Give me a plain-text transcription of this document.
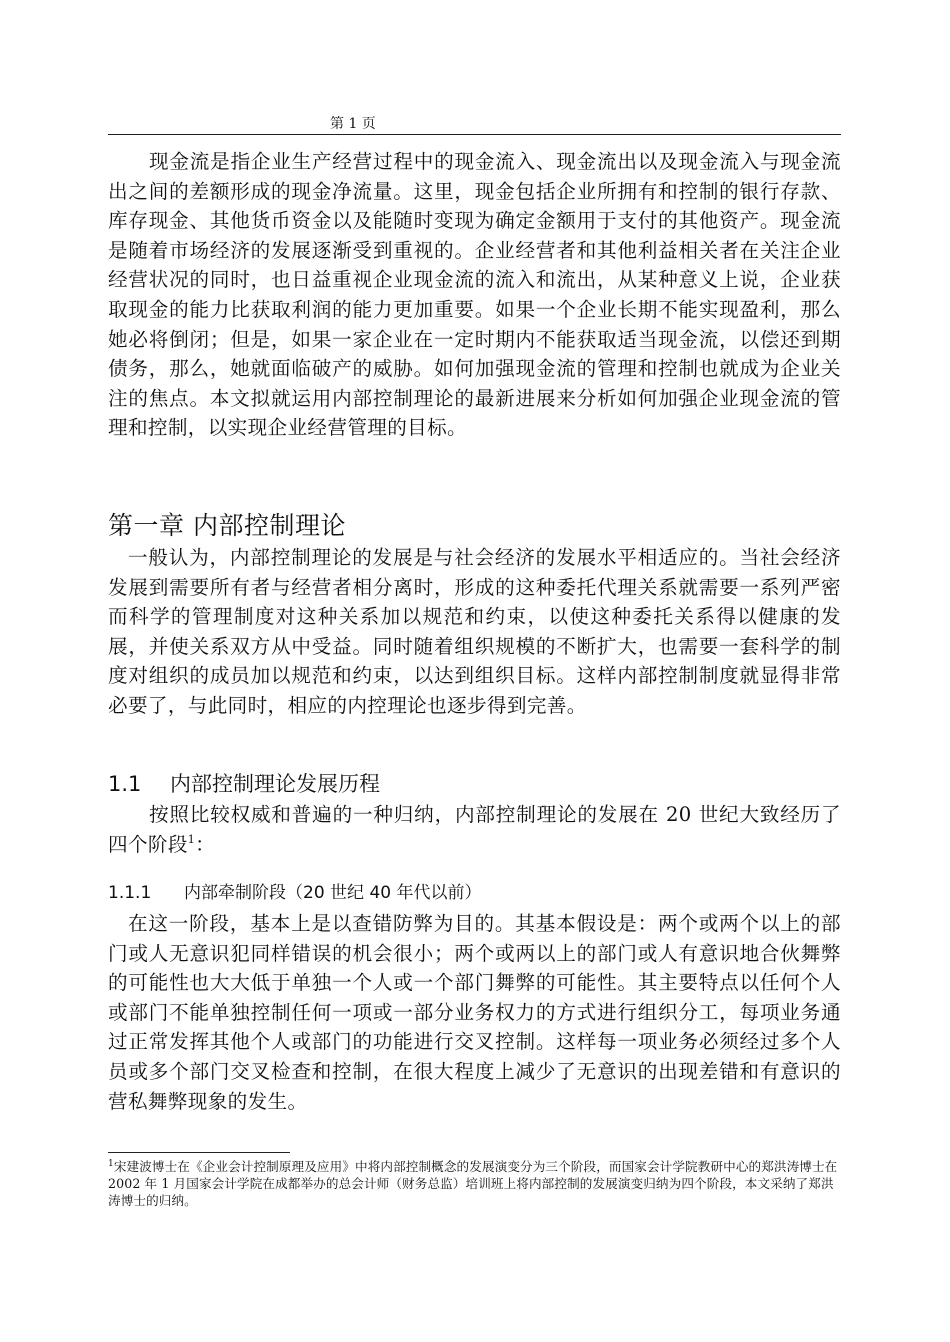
第 1 页

现金流是指企业生产经营过程中的现金流入、现金流出以及现金流入与现金流出之间的差额形成的现金净流量。这里，现金包括企业所拥有和控制的银行存款、库存现金、其他货币资金以及能随时变现为确定金额用于支付的其他资产。现金流是随着市场经济的发展逐渐受到重视的。企业经营者和其他利益相关者在关注企业经营状况的同时，也日益重视企业现金流的流入和流出，从某种意义上说，企业获取现金的能力比获取利润的能力更加重要。如果一个企业长期不能实现盈利，那么她必将倒闭；但是，如果一家企业在一定时期内不能获取适当现金流，以偿还到期债务，那么，她就面临破产的威胁。如何加强现金流的管理和控制也就成为企业关注的焦点。本文拟就运用内部控制理论的最新进展来分析如何加强企业现金流的管理和控制，以实现企业经营管理的目标。

第一章 内部控制理论

一般认为，内部控制理论的发展是与社会经济的发展水平相适应的。当社会经济发展到需要所有者与经营者相分离时，形成的这种委托代理关系就需要一系列严密而科学的管理制度对这种关系加以规范和约束，以使这种委托关系得以健康的发展，并使关系双方从中受益。同时随着组织规模的不断扩大，也需要一套科学的制度对组织的成员加以规范和约束，以达到组织目标。这样内部控制制度就显得非常必要了，与此同时，相应的内控理论也逐步得到完善。

1.1 内部控制理论发展历程

按照比较权威和普遍的一种归纳，内部控制理论的发展在 20 世纪大致经历了四个阶段$^1$：

1.1.1 内部牵制阶段（20 世纪 40 年代以前）

在这一阶段，基本上是以查错防弊为目的。其基本假设是：两个或两个以上的部门或人无意识犯同样错误的机会很小；两个或两以上的部门或人有意识地合伙舞弊的可能性也大大低于单独一个人或一个部门舞弊的可能性。其主要特点以任何个人或部门不能单独控制任何一项或一部分业务权力的方式进行组织分工，每项业务通过正常发挥其他个人或部门的功能进行交叉控制。这样每一项业务必须经过多个人员或多个部门交叉检查和控制，在很大程度上减少了无意识的出现差错和有意识的营私舞弊现象的发生。

$^1$宋建波博士在《企业会计控制原理及应用》中将内部控制概念的发展演变分为三个阶段，而国家会计学院教研中心的郑洪涛博士在 2002 年 1 月国家会计学院在成都举办的总会计师（财务总监）培训班上将内部控制的发展演变归纳为四个阶段，本文采纳了郑洪涛博士的归纳。
